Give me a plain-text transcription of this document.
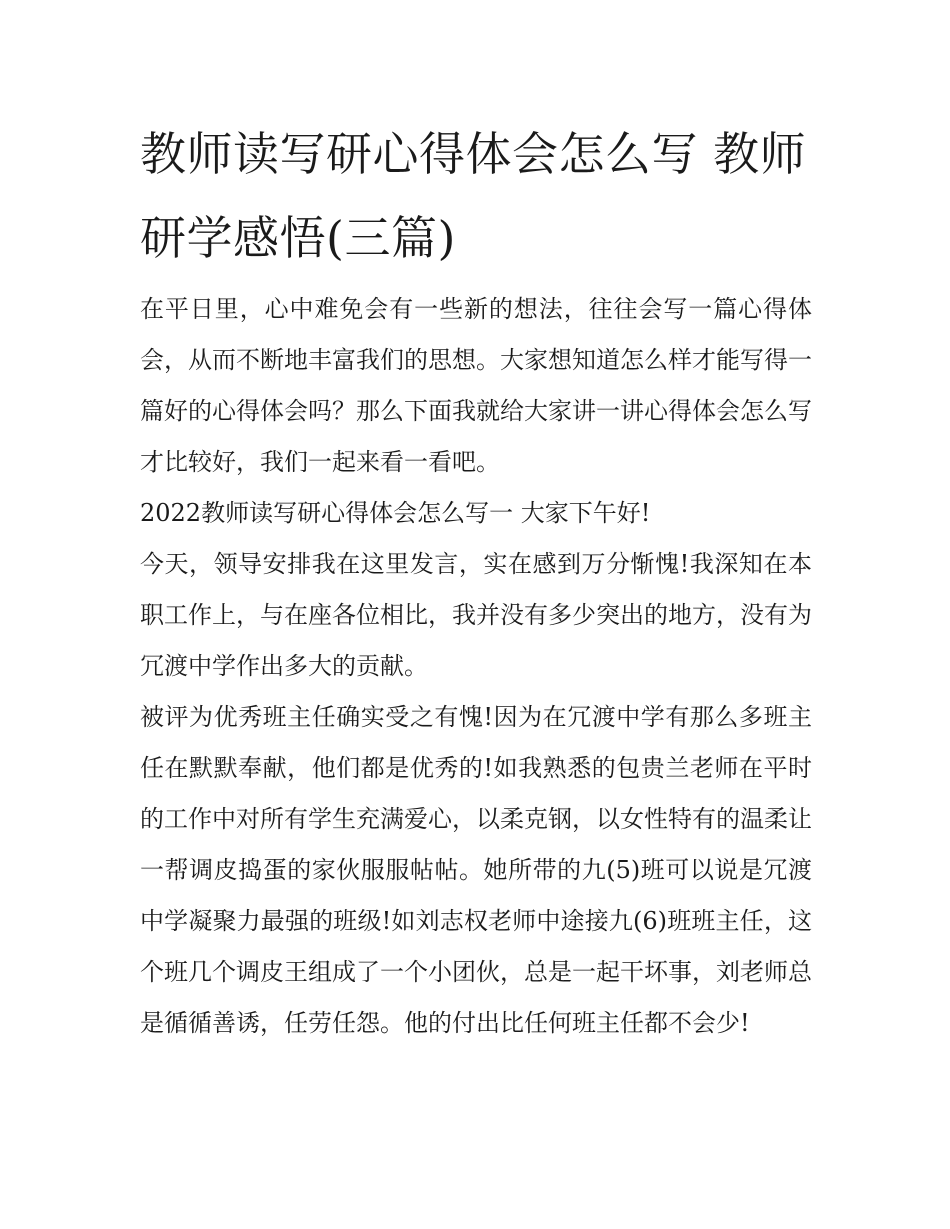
教师读写研心得体会怎么写 教师研学感悟(三篇)

在平日里，心中难免会有一些新的想法，往往会写一篇心得体会，从而不断地丰富我们的思想。大家想知道怎么样才能写得一篇好的心得体会吗？那么下面我就给大家讲一讲心得体会怎么写才比较好，我们一起来看一看吧。

2022教师读写研心得体会怎么写一 大家下午好!

今天，领导安排我在这里发言，实在感到万分惭愧!我深知在本职工作上，与在座各位相比，我并没有多少突出的地方，没有为冗渡中学作出多大的贡献。

被评为优秀班主任确实受之有愧!因为在冗渡中学有那么多班主任在默默奉献，他们都是优秀的!如我熟悉的包贵兰老师在平时的工作中对所有学生充满爱心，以柔克钢，以女性特有的温柔让一帮调皮捣蛋的家伙服服帖帖。她所带的九(5)班可以说是冗渡中学凝聚力最强的班级!如刘志权老师中途接九(6)班班主任，这个班几个调皮王组成了一个小团伙，总是一起干坏事，刘老师总是循循善诱，任劳任怨。他的付出比任何班主任都不会少!
